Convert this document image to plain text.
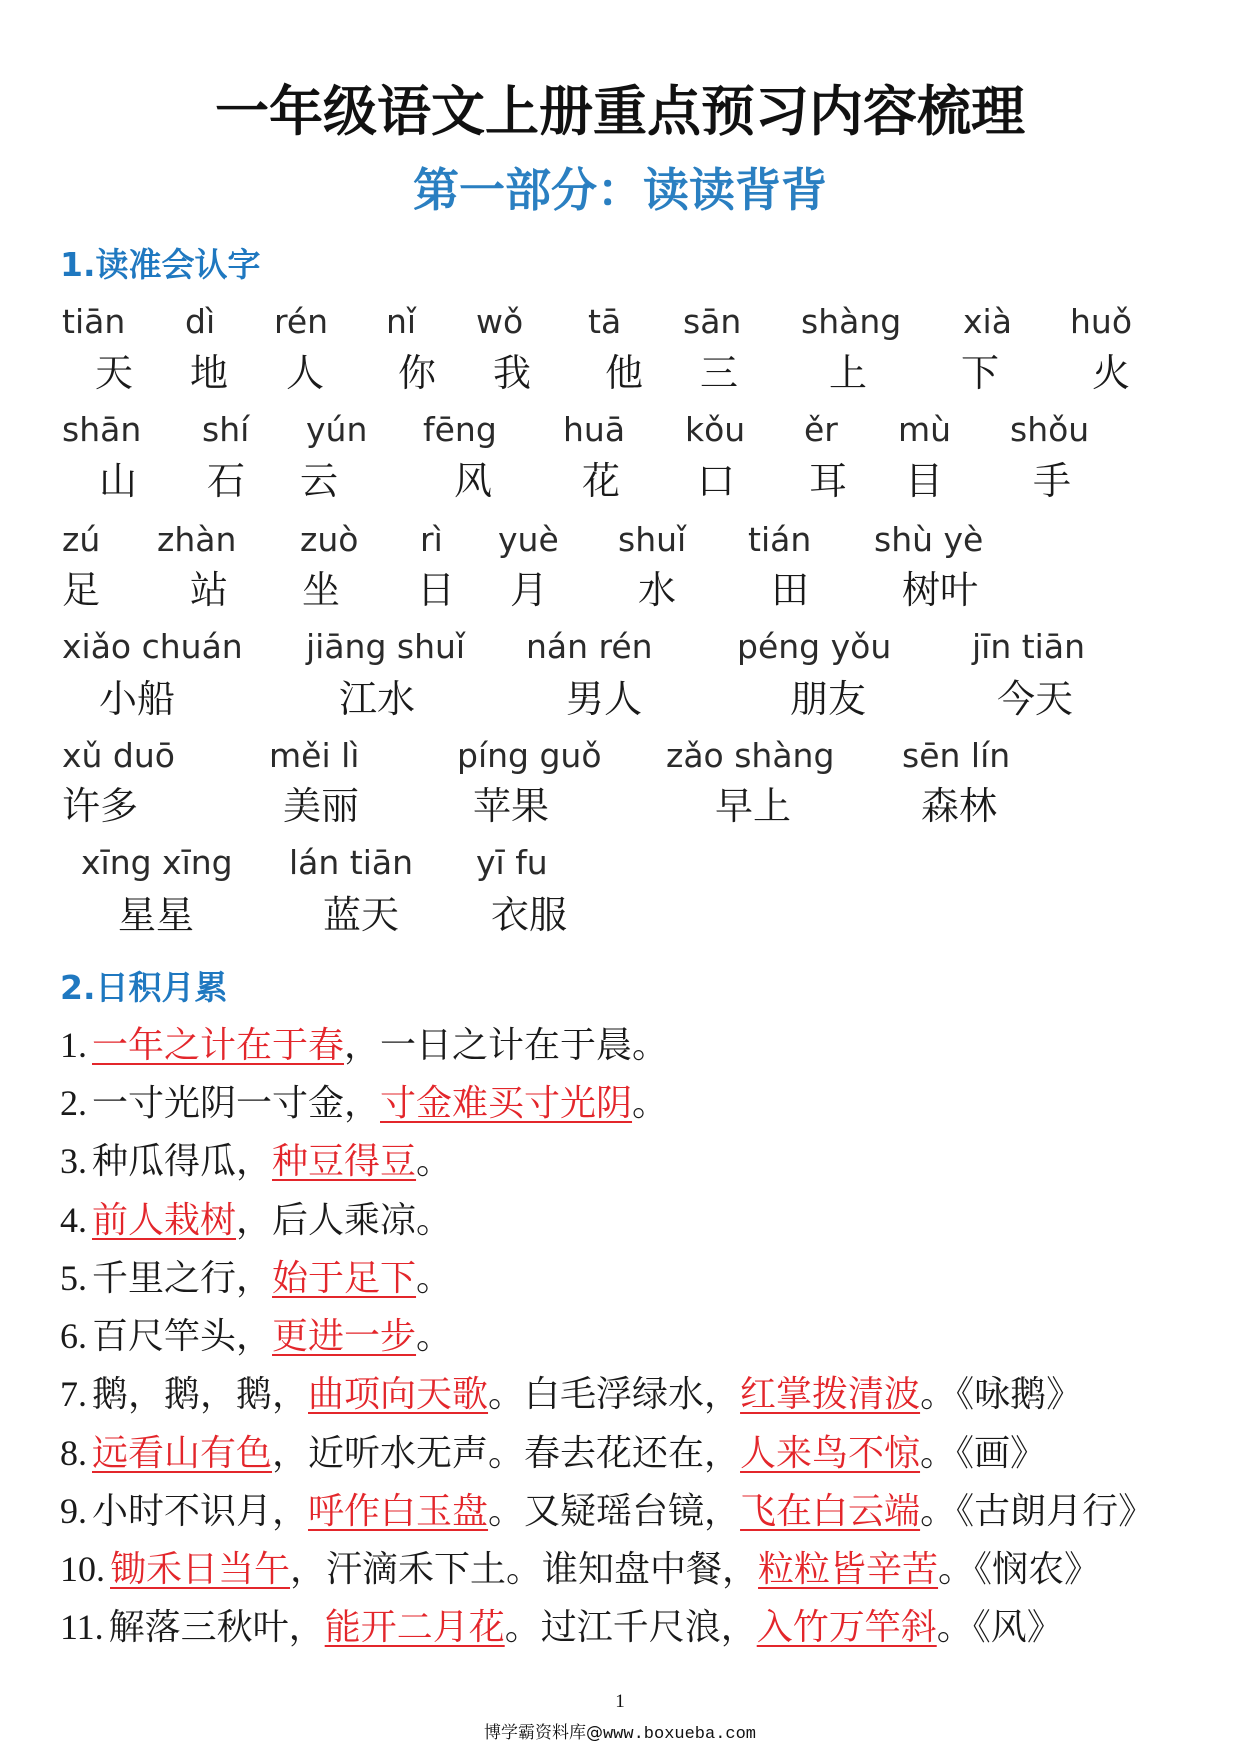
一年级语文上册重点预习内容梳理
第一部分：读读背背
1.读准会认字
tiān
天
dì
地
rén
人
nǐ
你
wǒ
我
tā
他
sān
三
shàng
上
xià
下
huǒ
火
shān
山
shí
石
yún
云
fēng
风
huā
花
kǒu
口
ěr
耳
mù
目
shǒu
手
zú
足
zhàn
站
zuò
坐
rì
日
yuè
月
shuǐ
水
tián
田
shù yè
树叶
xiǎo chuán
小船
jiāng shuǐ
江水
nán rén
男人
péng yǒu
朋友
jīn tiān
今天
xǔ duō
许多
měi lì
美丽
píng guǒ
苹果
zǎo shàng
早上
sēn lín
森林
xīng xīng
星星
lán tiān
蓝天
yī fu
衣服
2.日积月累
1. 一年之计在于春，一日之计在于晨。
2. 一寸光阴一寸金，寸金难买寸光阴。
3. 种瓜得瓜，种豆得豆。
4. 前人栽树，后人乘凉。
5. 千里之行，始于足下。
6. 百尺竿头，更进一步。
7. 鹅，鹅，鹅，曲项向天歌。白毛浮绿水，红掌拨清波。《咏鹅》
8. 远看山有色，近听水无声。春去花还在，人来鸟不惊。《画》
9. 小时不识月，呼作白玉盘。又疑瑶台镜，飞在白云端。《古朗月行》
10. 锄禾日当午，汗滴禾下土。谁知盘中餐，粒粒皆辛苦。《悯农》
11. 解落三秋叶，能开二月花。过江千尺浪，入竹万竿斜。《风》
1
博学霸资料库@www.boxueba.com
